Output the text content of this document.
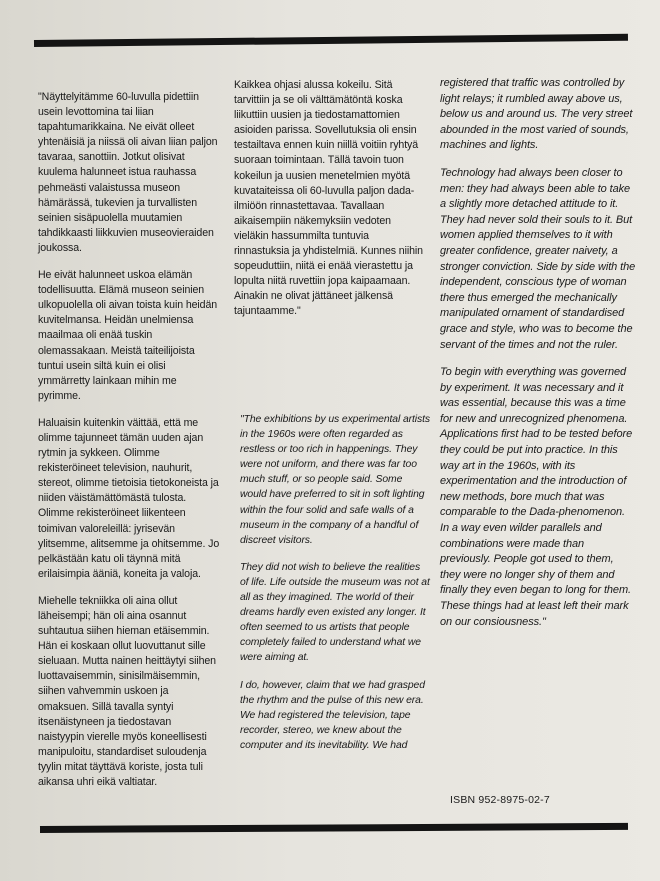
"Näyttelyitämme 60-luvulla pidettiin usein levottomina tai liian tapahtumarikkaina. Ne eivät olleet yhtenäisiä ja niissä oli aivan liian paljon tavaraa, sanottiin. Jotkut olisivat kuulema halunneet istua rauhassa pehmeästi valaistussa museon hämärässä, tukevien ja turvallisten seinien sisäpuolella muutamien tahdikkaasti liikkuvien museovieraiden joukossa.

He eivät halunneet uskoa elämän todellisuutta. Elämä museon seinien ulkopuolella oli aivan toista kuin heidän kuvitelmansa. Heidän unelmiensa maailmaa oli enää tuskin olemassakaan. Meistä taiteilijoista tuntui usein siltä kuin ei olisi ymmärretty lainkaan mihin me pyrimme.

Haluaisin kuitenkin väittää, että me olimme tajunneet tämän uuden ajan rytmin ja sykkeen. Olimme rekisteröineet television, nauhurit, stereot, olimme tietoisia tietokoneista ja niiden väistämättömästä tulosta. Olimme rekisteröineet liikenteen toimivan valoreleillä: jyrisevän ylitsemme, alitsemme ja ohitsemme. Jo pelkästään katu oli täynnä mitä erilaisimpia ääniä, koneita ja valoja.

Miehelle tekniikka oli aina ollut läheisempi; hän oli aina osannut suhtautua siihen hieman etäisemmin. Hän ei koskaan ollut luovuttanut sille sieluaan. Mutta nainen heittäytyi siihen luottavaisemmin, sinisilmäisemmin, siihen vahvemmin uskoen ja omaksuen. Sillä tavalla syntyi itsenäistyneen ja tiedostavan naistyypin vierelle myös koneellisesti manipuloitu, standardiset suloudenja tyylin mitat täyttävä koriste, josta tuli aikansa uhri eikä valtiatar.

Kaikkea ohjasi alussa kokeilu. Sitä tarvittiin ja se oli välttämätöntä koska liikuttiin uusien ja tiedostamattomien asioiden parissa. Sovellutuksia oli ensin testailtava ennen kuin niillä voitiin ryhtyä suoraan toimintaan. Tällä tavoin tuon kokeilun ja uusien menetelmien myötä kuvataiteissa oli 60-luvulla paljon dada-ilmiöön rinnastettavaa. Tavallaan aikaisempiin näkemyksiin vedoten vieläkin hassummilta tuntuvia rinnastuksia ja yhdistelmiä. Kunnes niihin sopeuduttiin, niitä ei enää vierastettu ja lopulta niitä ruvettiin jopa kaipaamaan. Ainakin ne olivat jättäneet jälkensä tajuntaamme."

"The exhibitions by us experimental artists in the 1960s were often regarded as restless or too rich in happenings. They were not uniform, and there was far too much stuff, or so people said. Some would have preferred to sit in soft lighting within the four solid and safe walls of a museum in the company of a handful of discreet visitors.

They did not wish to believe the realities of life. Life outside the museum was not at all as they imagined. The world of their dreams hardly even existed any longer. It often seemed to us artists that people completely failed to understand what we were aiming at.

I do, however, claim that we had grasped the rhythm and the pulse of this new era. We had registered the television, tape recorder, stereo, we knew about the computer and its inevitability. We had

registered that traffic was controlled by light relays; it rumbled away above us, below us and around us. The very street abounded in the most varied of sounds, machines and lights.

Technology had always been closer to men: they had always been able to take a slightly more detached attitude to it. They had never sold their souls to it. But women applied themselves to it with greater confidence, greater naivety, a stronger conviction. Side by side with the independent, conscious type of woman there thus emerged the mechanically manipulated ornament of standardised grace and style, who was to become the servant of the times and not the ruler.

To begin with everything was governed by experiment. It was necessary and it was essential, because this was a time for new and unrecognized phenomena. Applications first had to be tested before they could be put into practice. In this way art in the 1960s, with its experimentation and the introduction of new methods, bore much that was comparable to the Dada-phenomenon. In a way even wilder parallels and combinations were made than previously. People got used to them, they were no longer shy of them and finally they even began to long for them. These things had at least left their mark on our consiousness."

ISBN 952-8975-02-7
